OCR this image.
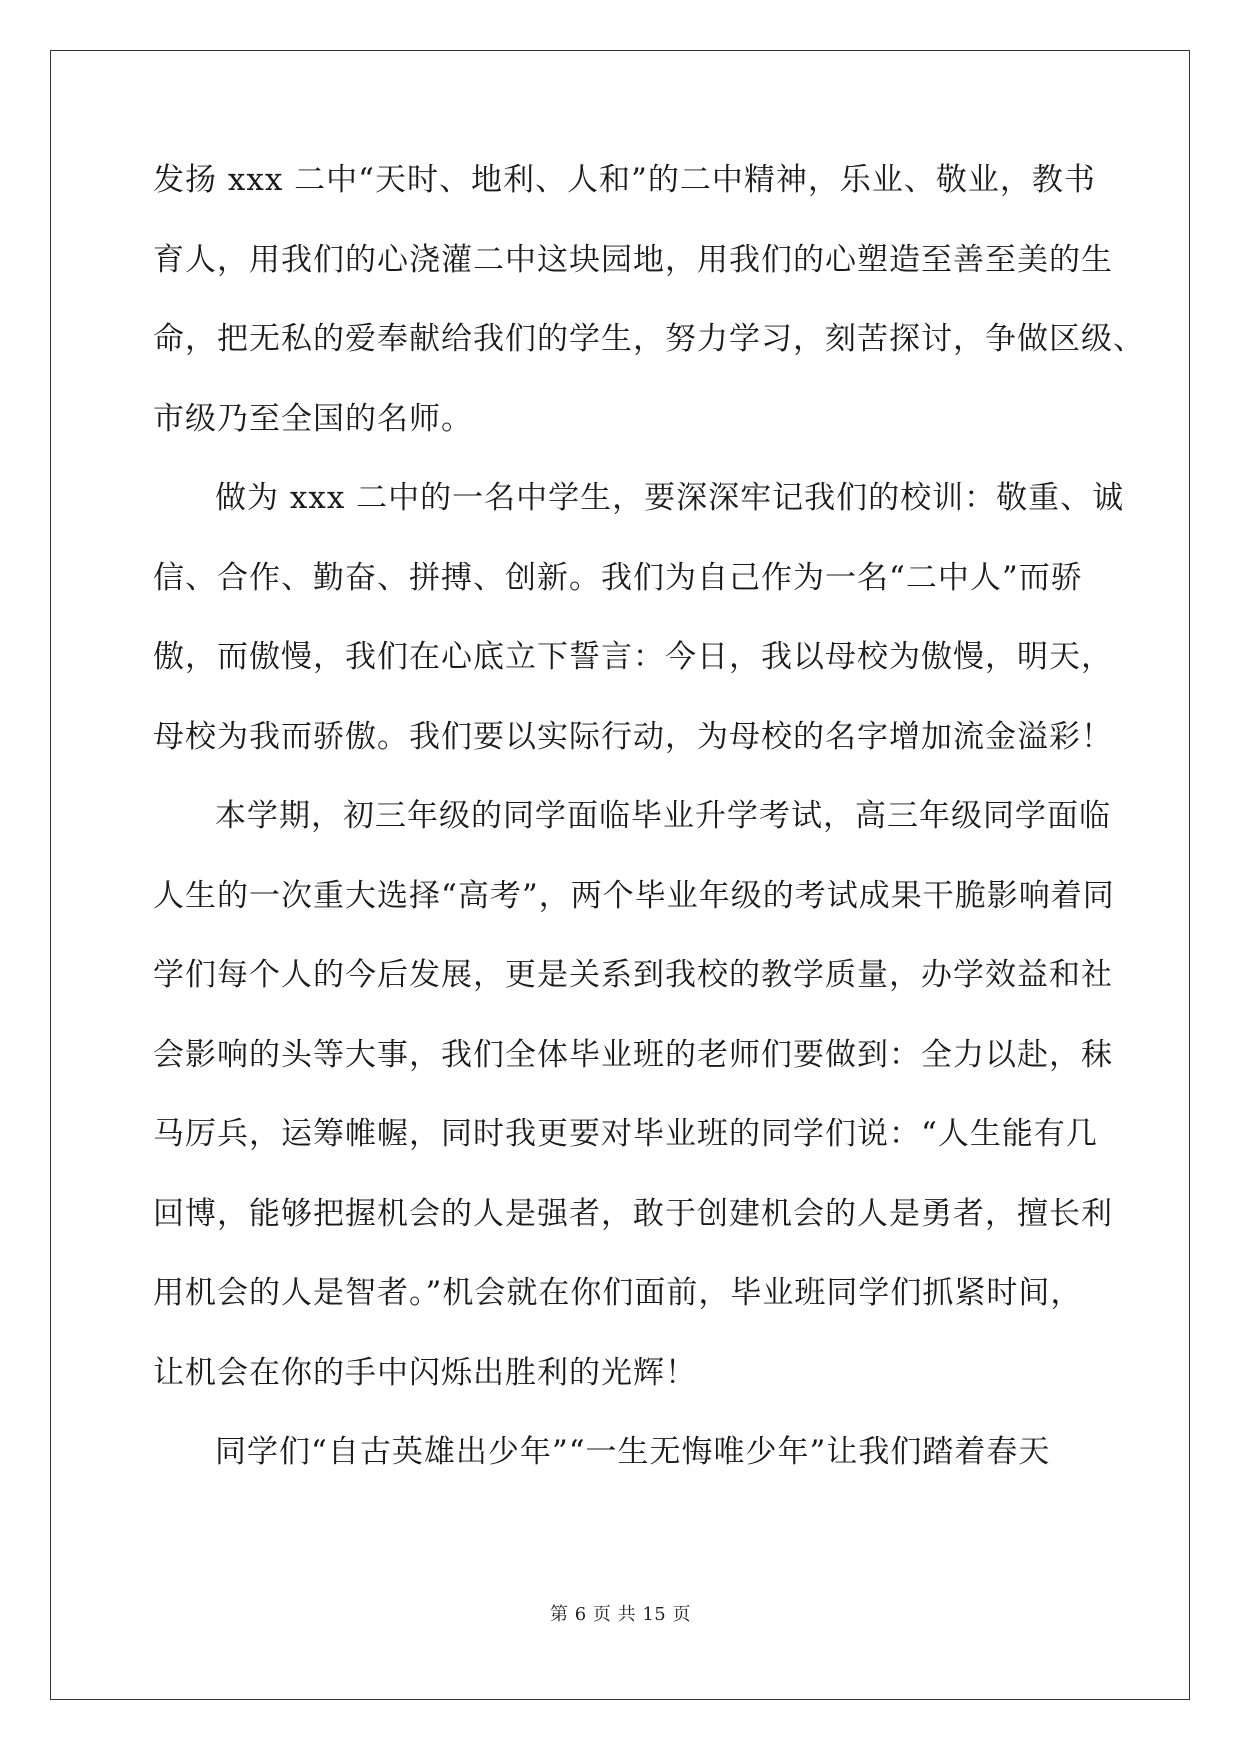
发扬 xxx 二中“天时、地利、人和”的二中精神，乐业、敬业，教书
育人，用我们的心浇灌二中这块园地，用我们的心塑造至善至美的生
命，把无私的爱奉献给我们的学生，努力学习，刻苦探讨，争做区级、
市级乃至全国的名师。
做为 xxx 二中的一名中学生，要深深牢记我们的校训：敬重、诚
信、合作、勤奋、拼搏、创新。我们为自己作为一名“二中人”而骄
傲，而傲慢，我们在心底立下誓言：今日，我以母校为傲慢，明天，
母校为我而骄傲。我们要以实际行动，为母校的名字增加流金溢彩！
本学期，初三年级的同学面临毕业升学考试，高三年级同学面临
人生的一次重大选择“高考”，两个毕业年级的考试成果干脆影响着同
学们每个人的今后发展，更是关系到我校的教学质量，办学效益和社
会影响的头等大事，我们全体毕业班的老师们要做到：全力以赴，秣
马厉兵，运筹帷幄，同时我更要对毕业班的同学们说：“人生能有几
回博，能够把握机会的人是强者，敢于创建机会的人是勇者，擅长利
用机会的人是智者。”机会就在你们面前，毕业班同学们抓紧时间，
让机会在你的手中闪烁出胜利的光辉！
同学们“自古英雄出少年”“一生无悔唯少年”让我们踏着春天
第 6 页 共 15 页
